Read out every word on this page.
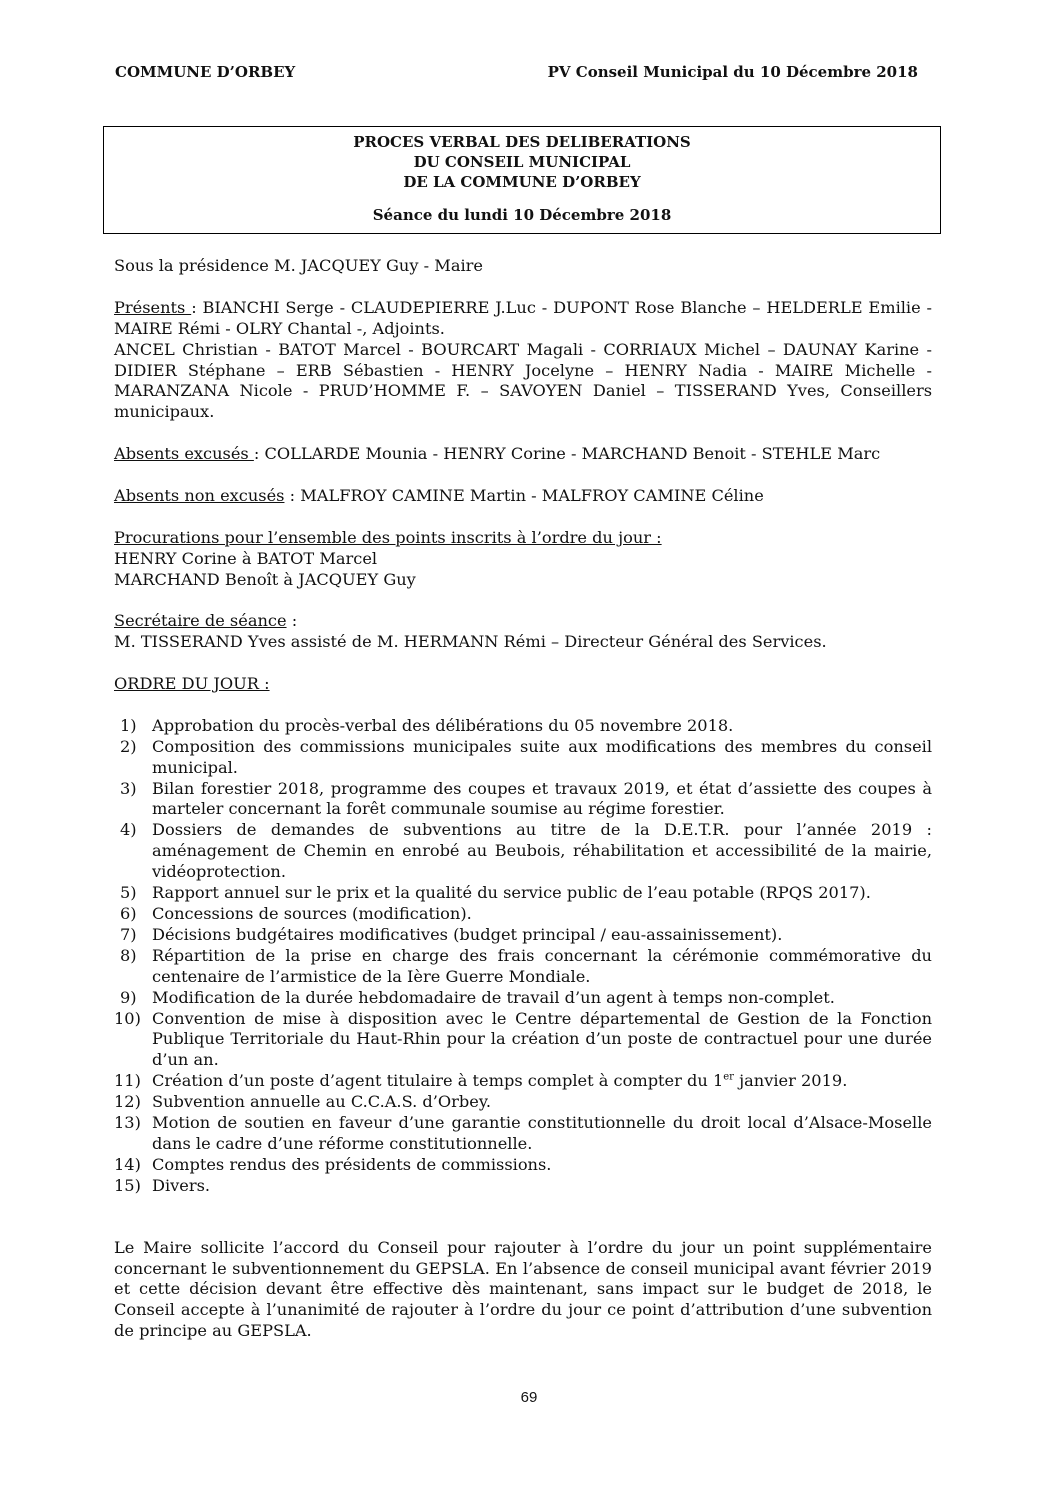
COMMUNE D’ORBEY	PV Conseil Municipal du 10 Décembre 2018
PROCES VERBAL DES DELIBERATIONS
DU CONSEIL MUNICIPAL
DE LA COMMUNE D’ORBEY
Séance du lundi 10 Décembre 2018

Sous la présidence M. JACQUEY Guy - Maire

Présents : BIANCHI Serge - CLAUDEPIERRE J.Luc - DUPONT Rose Blanche – HELDERLE Emilie - MAIRE Rémi - OLRY Chantal -, Adjoints.
ANCEL Christian - BATOT Marcel - BOURCART Magali - CORRIAUX Michel – DAUNAY Karine - DIDIER Stéphane – ERB Sébastien - HENRY Jocelyne – HENRY Nadia - MAIRE Michelle - MARANZANA Nicole - PRUD’HOMME F. – SAVOYEN Daniel – TISSERAND Yves, Conseillers municipaux.

Absents excusés : COLLARDE Mounia - HENRY Corine - MARCHAND Benoit - STEHLE Marc

Absents non excusés : MALFROY CAMINE Martin - MALFROY CAMINE Céline

Procurations pour l’ensemble des points inscrits à l’ordre du jour :
HENRY Corine à BATOT Marcel
MARCHAND Benoît à JACQUEY Guy

Secrétaire de séance :
M. TISSERAND Yves assisté de M. HERMANN Rémi – Directeur Général des Services.

ORDRE DU JOUR :

1) Approbation du procès-verbal des délibérations du 05 novembre 2018.
2) Composition des commissions municipales suite aux modifications des membres du conseil municipal.
3) Bilan forestier 2018, programme des coupes et travaux 2019, et état d’assiette des coupes à marteler concernant la forêt communale soumise au régime forestier.
4) Dossiers de demandes de subventions au titre de la D.E.T.R. pour l’année 2019 : aménagement de Chemin en enrobé au Beubois, réhabilitation et accessibilité de la mairie, vidéoprotection.
5) Rapport annuel sur le prix et la qualité du service public de l’eau potable (RPQS 2017).
6) Concessions de sources (modification).
7) Décisions budgétaires modificatives (budget principal / eau-assainissement).
8) Répartition de la prise en charge des frais concernant la cérémonie commémorative du centenaire de l’armistice de la Ière Guerre Mondiale.
9) Modification de la durée hebdomadaire de travail d’un agent à temps non-complet.
10) Convention de mise à disposition avec le Centre départemental de Gestion de la Fonction Publique Territoriale du Haut-Rhin pour la création d’un poste de contractuel pour une durée d’un an.
11) Création d’un poste d’agent titulaire à temps complet à compter du 1er janvier 2019.
12) Subvention annuelle au C.C.A.S. d’Orbey.
13) Motion de soutien en faveur d’une garantie constitutionnelle du droit local d’Alsace-Moselle dans le cadre d’une réforme constitutionnelle.
14) Comptes rendus des présidents de commissions.
15) Divers.

Le Maire sollicite l’accord du Conseil pour rajouter à l’ordre du jour un point supplémentaire concernant le subventionnement du GEPSLA. En l’absence de conseil municipal avant février 2019 et cette décision devant être effective dès maintenant, sans impact sur le budget de 2018, le Conseil accepte à l’unanimité de rajouter à l’ordre du jour ce point d’attribution d’une subvention de principe au GEPSLA.

69
